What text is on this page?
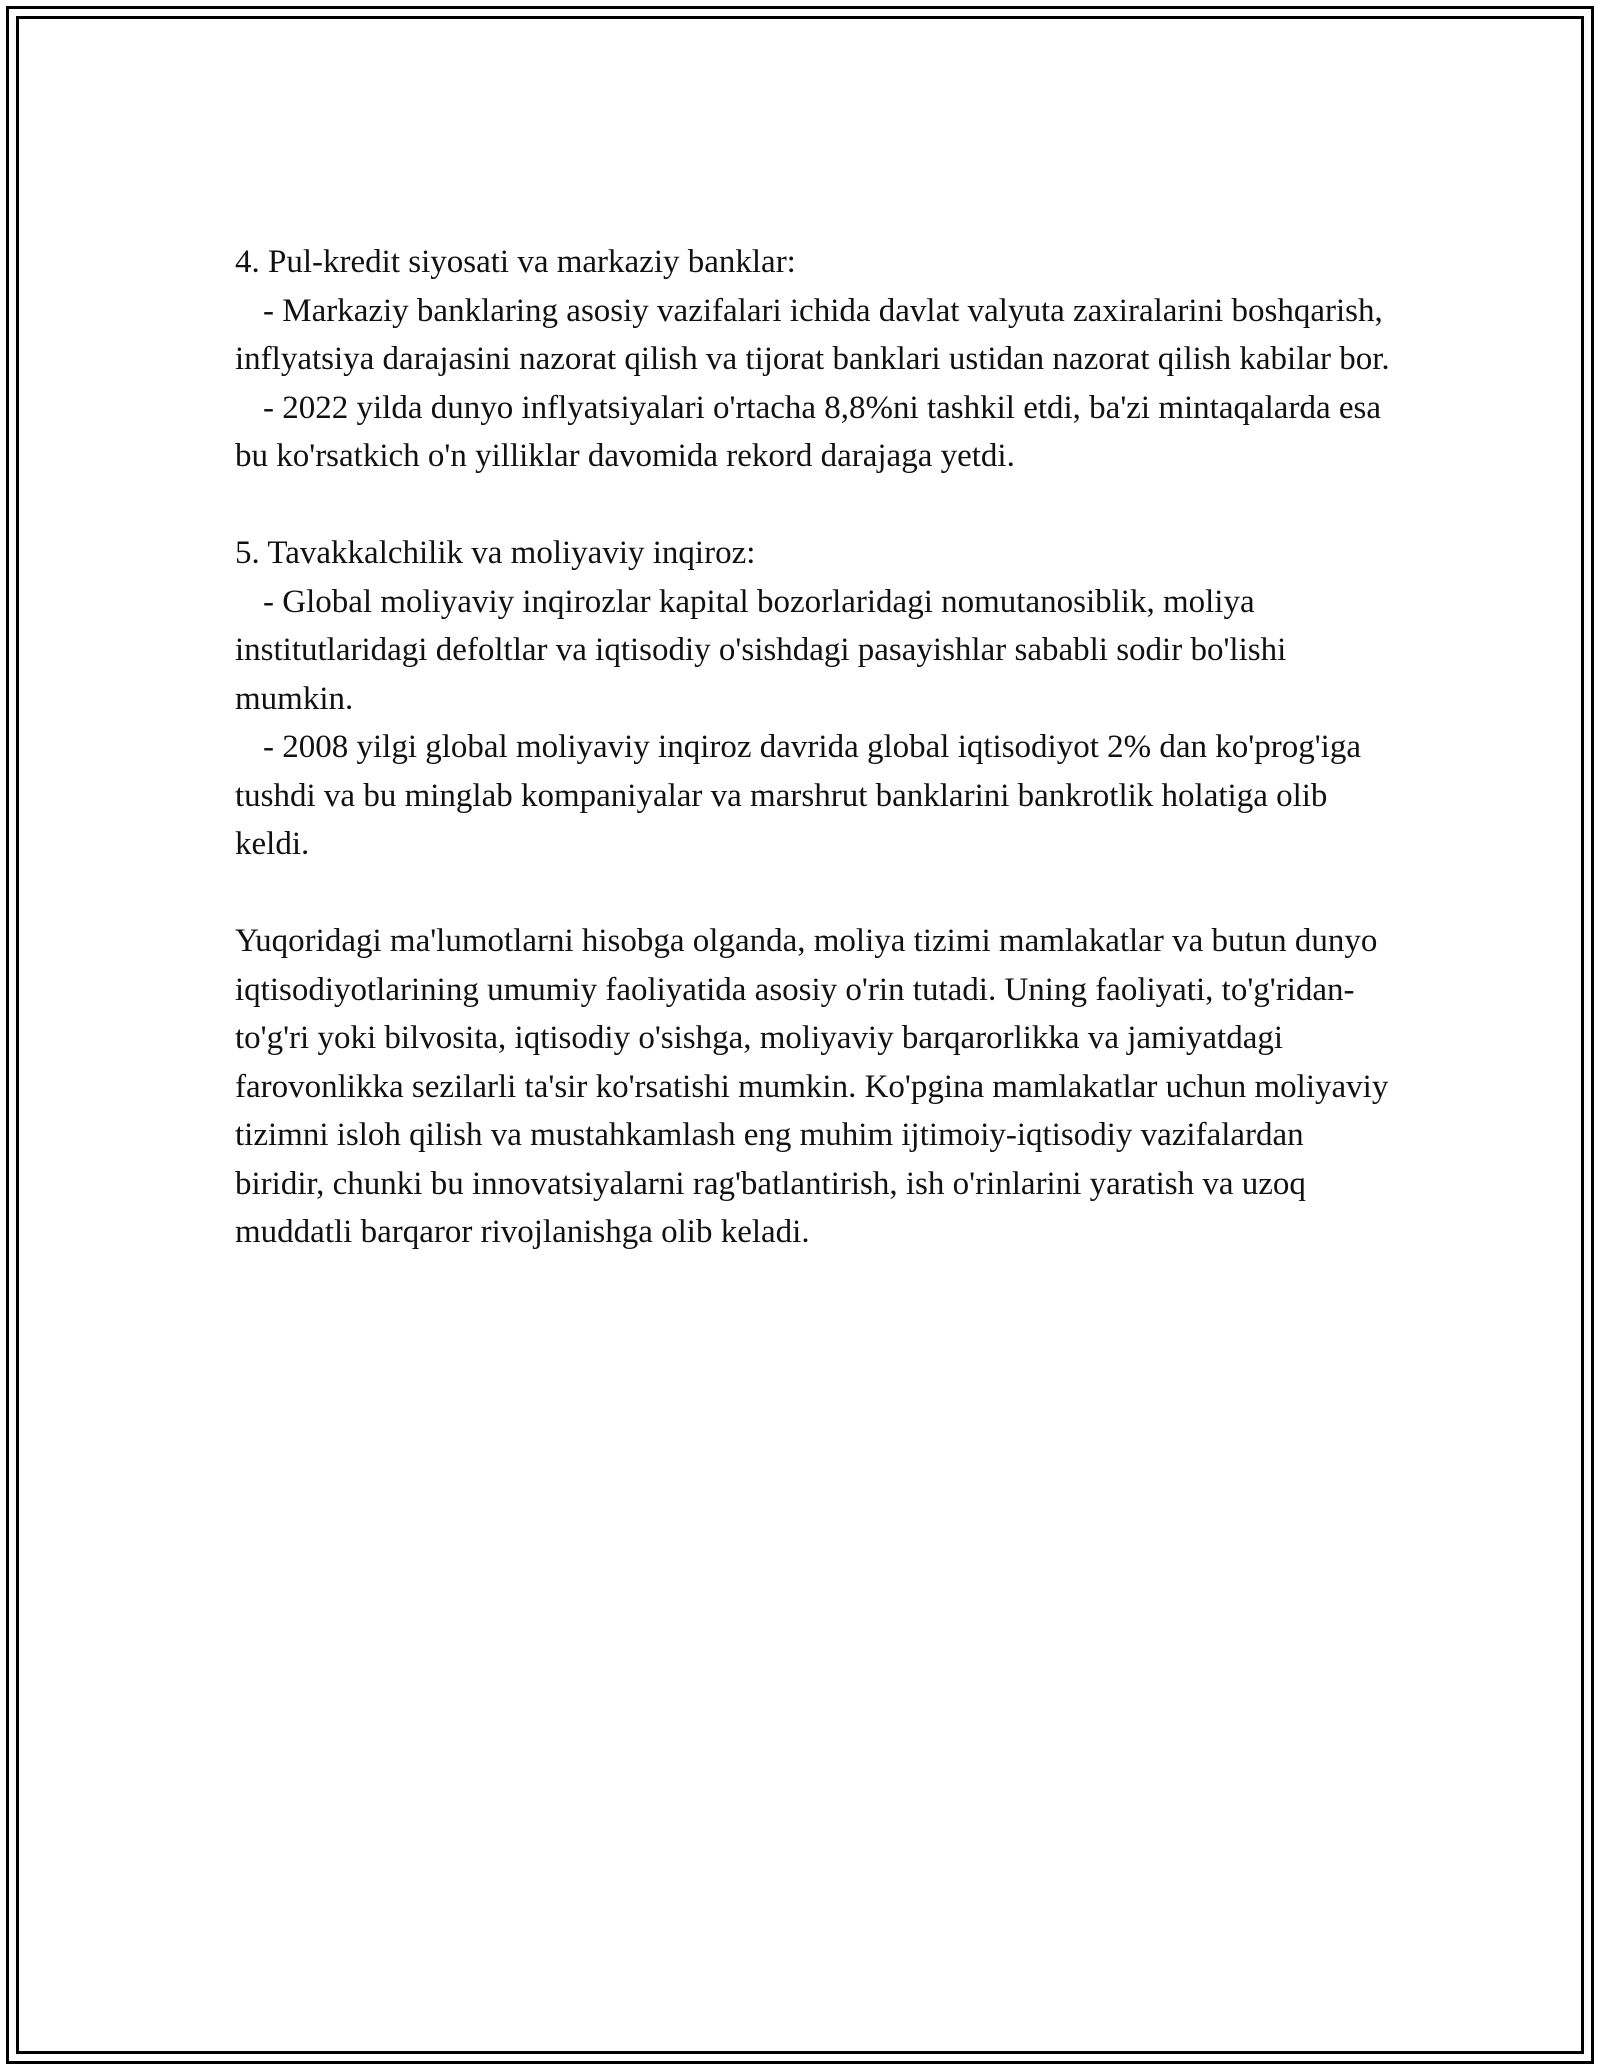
4. Pul-kredit siyosati va markaziy banklar:

- Markaziy banklaring asosiy vazifalari ichida davlat valyuta zaxiralarini boshqarish, inflyatsiya darajasini nazorat qilish va tijorat banklari ustidan nazorat qilish kabilar bor.

- 2022 yilda dunyo inflyatsiyalari o'rtacha 8,8%ni tashkil etdi, ba'zi mintaqalarda esa bu ko'rsatkich o'n yilliklar davomida rekord darajaga yetdi.

5. Tavakkalchilik va moliyaviy inqiroz:

- Global moliyaviy inqirozlar kapital bozorlaridagi nomutanosiblik, moliya institutlaridagi defoltlar va iqtisodiy o'sishdagi pasayishlar sababli sodir bo'lishi mumkin.

- 2008 yilgi global moliyaviy inqiroz davrida global iqtisodiyot 2% dan ko'prog'iga tushdi va bu minglab kompaniyalar va marshrut banklarini bankrotlik holatiga olib keldi.

Yuqoridagi ma'lumotlarni hisobga olganda, moliya tizimi mamlakatlar va butun dunyo iqtisodiyotlarining umumiy faoliyatida asosiy o'rin tutadi. Uning faoliyati, to'g'ridan-to'g'ri yoki bilvosita, iqtisodiy o'sishga, moliyaviy barqarorlikka va jamiyatdagi farovonlikka sezilarli ta'sir ko'rsatishi mumkin. Ko'pgina mamlakatlar uchun moliyaviy tizimni isloh qilish va mustahkamlash eng muhim ijtimoiy-iqtisodiy vazifalardan biridir, chunki bu innovatsiyalarni rag'batlantirish, ish o'rinlarini yaratish va uzoq muddatli barqaror rivojlanishga olib keladi.
